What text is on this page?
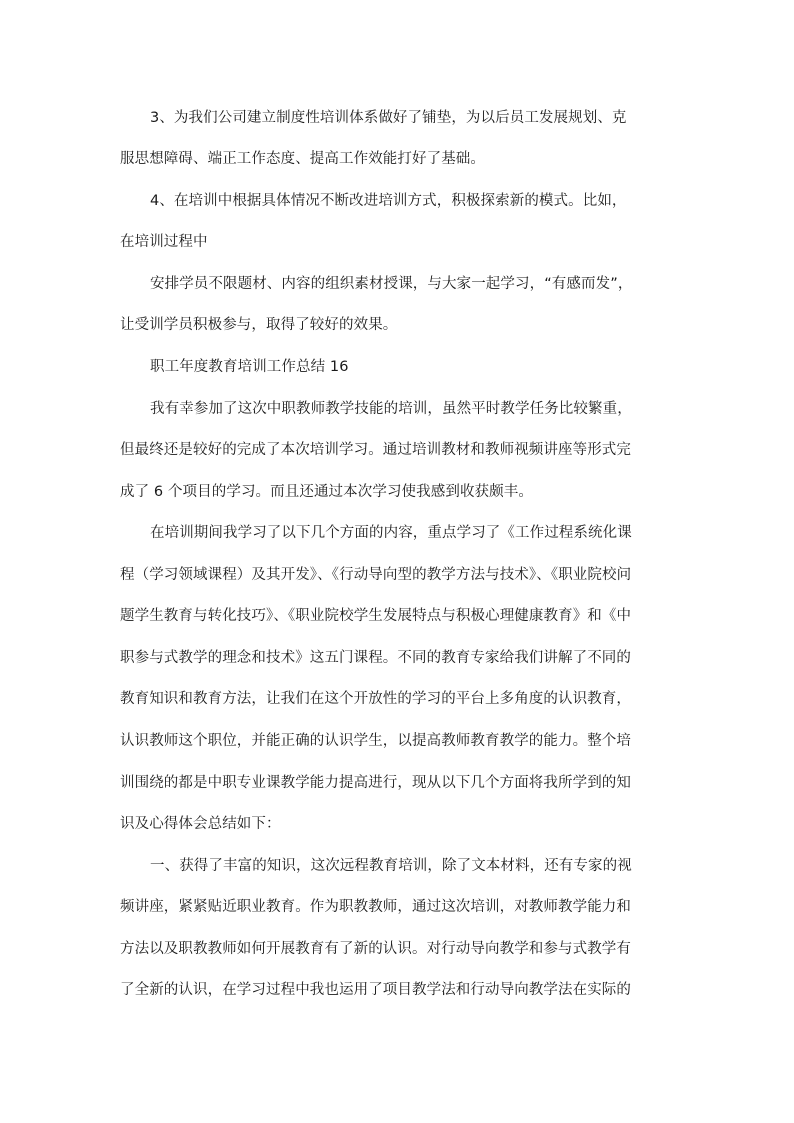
3、为我们公司建立制度性培训体系做好了铺垫，为以后员工发展规划、克
服思想障碍、端正工作态度、提高工作效能打好了基础。
4、在培训中根据具体情况不断改进培训方式，积极探索新的模式。比如，
在培训过程中
安排学员不限题材、内容的组织素材授课，与大家一起学习，“有感而发”，
让受训学员积极参与，取得了较好的效果。
职工年度教育培训工作总结 16
我有幸参加了这次中职教师教学技能的培训，虽然平时教学任务比较繁重，
但最终还是较好的完成了本次培训学习。通过培训教材和教师视频讲座等形式完
成了 6 个项目的学习。而且还通过本次学习使我感到收获颇丰。
在培训期间我学习了以下几个方面的内容，重点学习了《工作过程系统化课
程（学习领域课程）及其开发》、《行动导向型的教学方法与技术》、《职业院校问
题学生教育与转化技巧》、《职业院校学生发展特点与积极心理健康教育》和《中
职参与式教学的理念和技术》这五门课程。不同的教育专家给我们讲解了不同的
教育知识和教育方法，让我们在这个开放性的学习的平台上多角度的认识教育，
认识教师这个职位，并能正确的认识学生，以提高教师教育教学的能力。整个培
训围绕的都是中职专业课教学能力提高进行，现从以下几个方面将我所学到的知
识及心得体会总结如下：
一、获得了丰富的知识，这次远程教育培训，除了文本材料，还有专家的视
频讲座，紧紧贴近职业教育。作为职教教师，通过这次培训，对教师教学能力和
方法以及职教教师如何开展教育有了新的认识。对行动导向教学和参与式教学有
了全新的认识，在学习过程中我也运用了项目教学法和行动导向教学法在实际的
